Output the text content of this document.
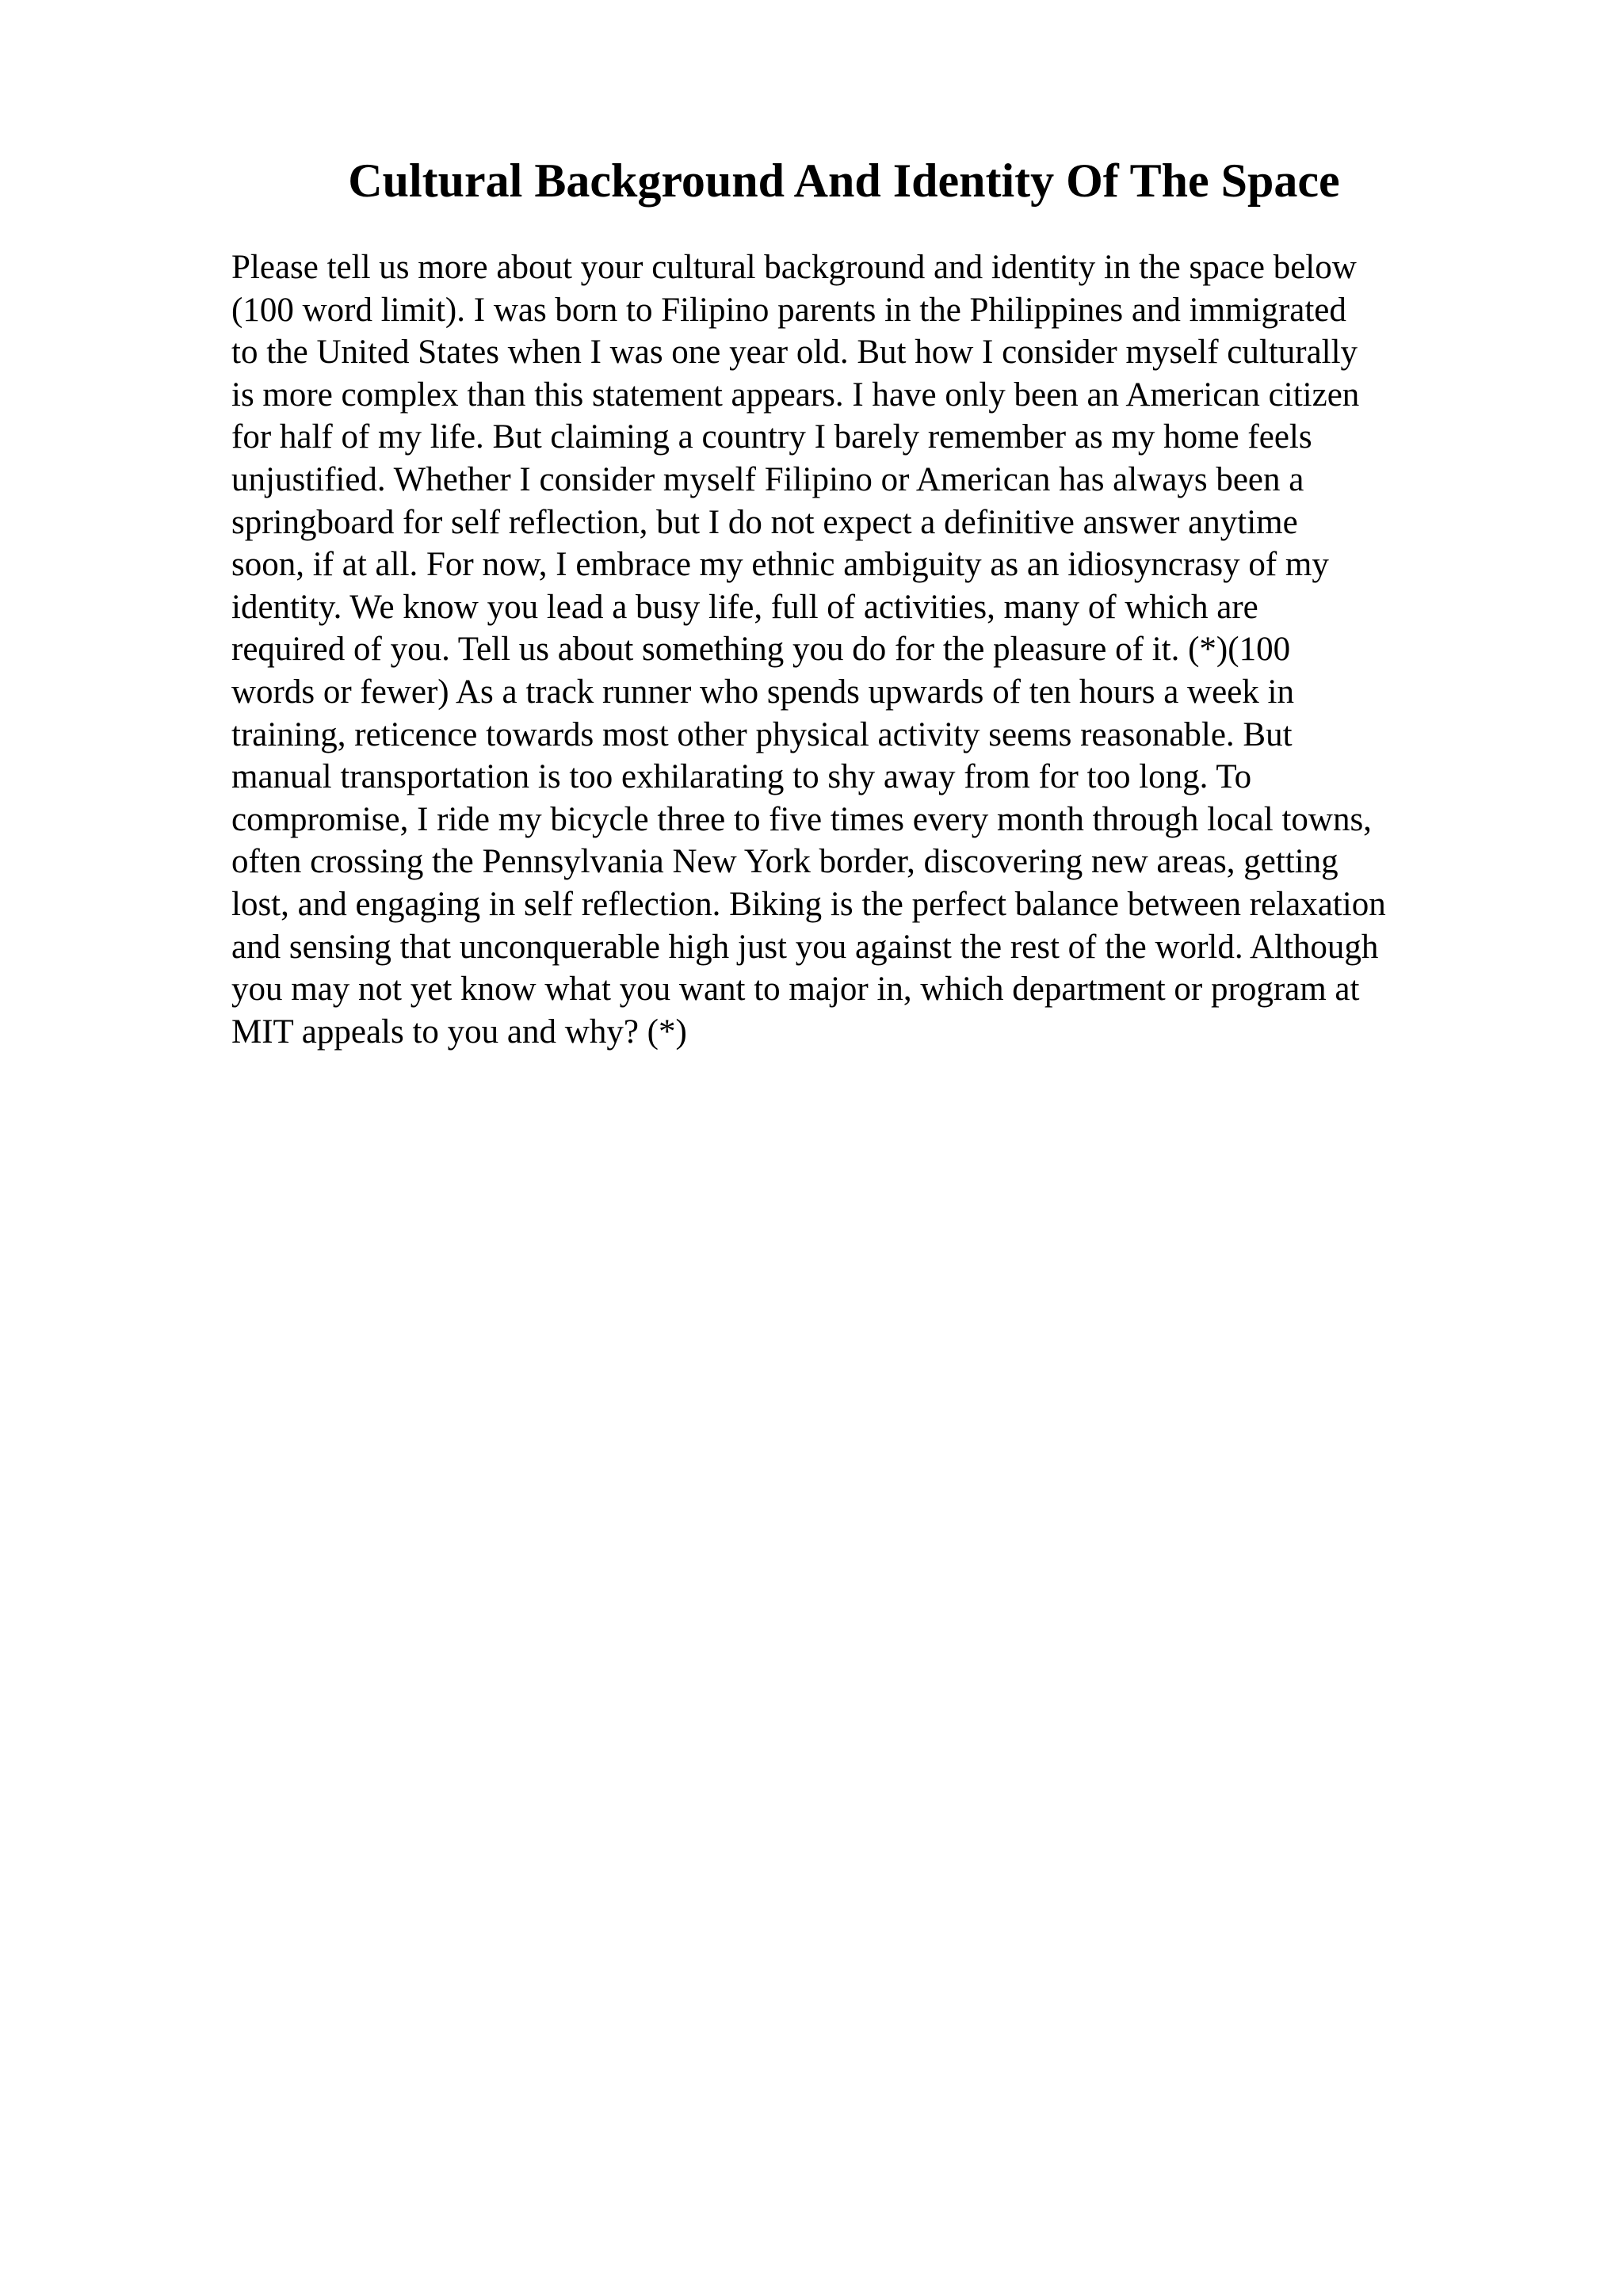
Cultural Background And Identity Of The Space
Please tell us more about your cultural background and identity in the space below
(100 word limit). I was born to Filipino parents in the Philippines and immigrated
to the United States when I was one year old. But how I consider myself culturally
is more complex than this statement appears. I have only been an American citizen
for half of my life. But claiming a country I barely remember as my home feels
unjustified. Whether I consider myself Filipino or American has always been a
springboard for self reflection, but I do not expect a definitive answer anytime
soon, if at all. For now, I embrace my ethnic ambiguity as an idiosyncrasy of my
identity. We know you lead a busy life, full of activities, many of which are
required of you. Tell us about something you do for the pleasure of it. (*)(100
words or fewer) As a track runner who spends upwards of ten hours a week in
training, reticence towards most other physical activity seems reasonable. But
manual transportation is too exhilarating to shy away from for too long. To
compromise, I ride my bicycle three to five times every month through local towns,
often crossing the Pennsylvania New York border, discovering new areas, getting
lost, and engaging in self reflection. Biking is the perfect balance between relaxation
and sensing that unconquerable high just you against the rest of the world. Although
you may not yet know what you want to major in, which department or program at
MIT appeals to you and why? (*)
